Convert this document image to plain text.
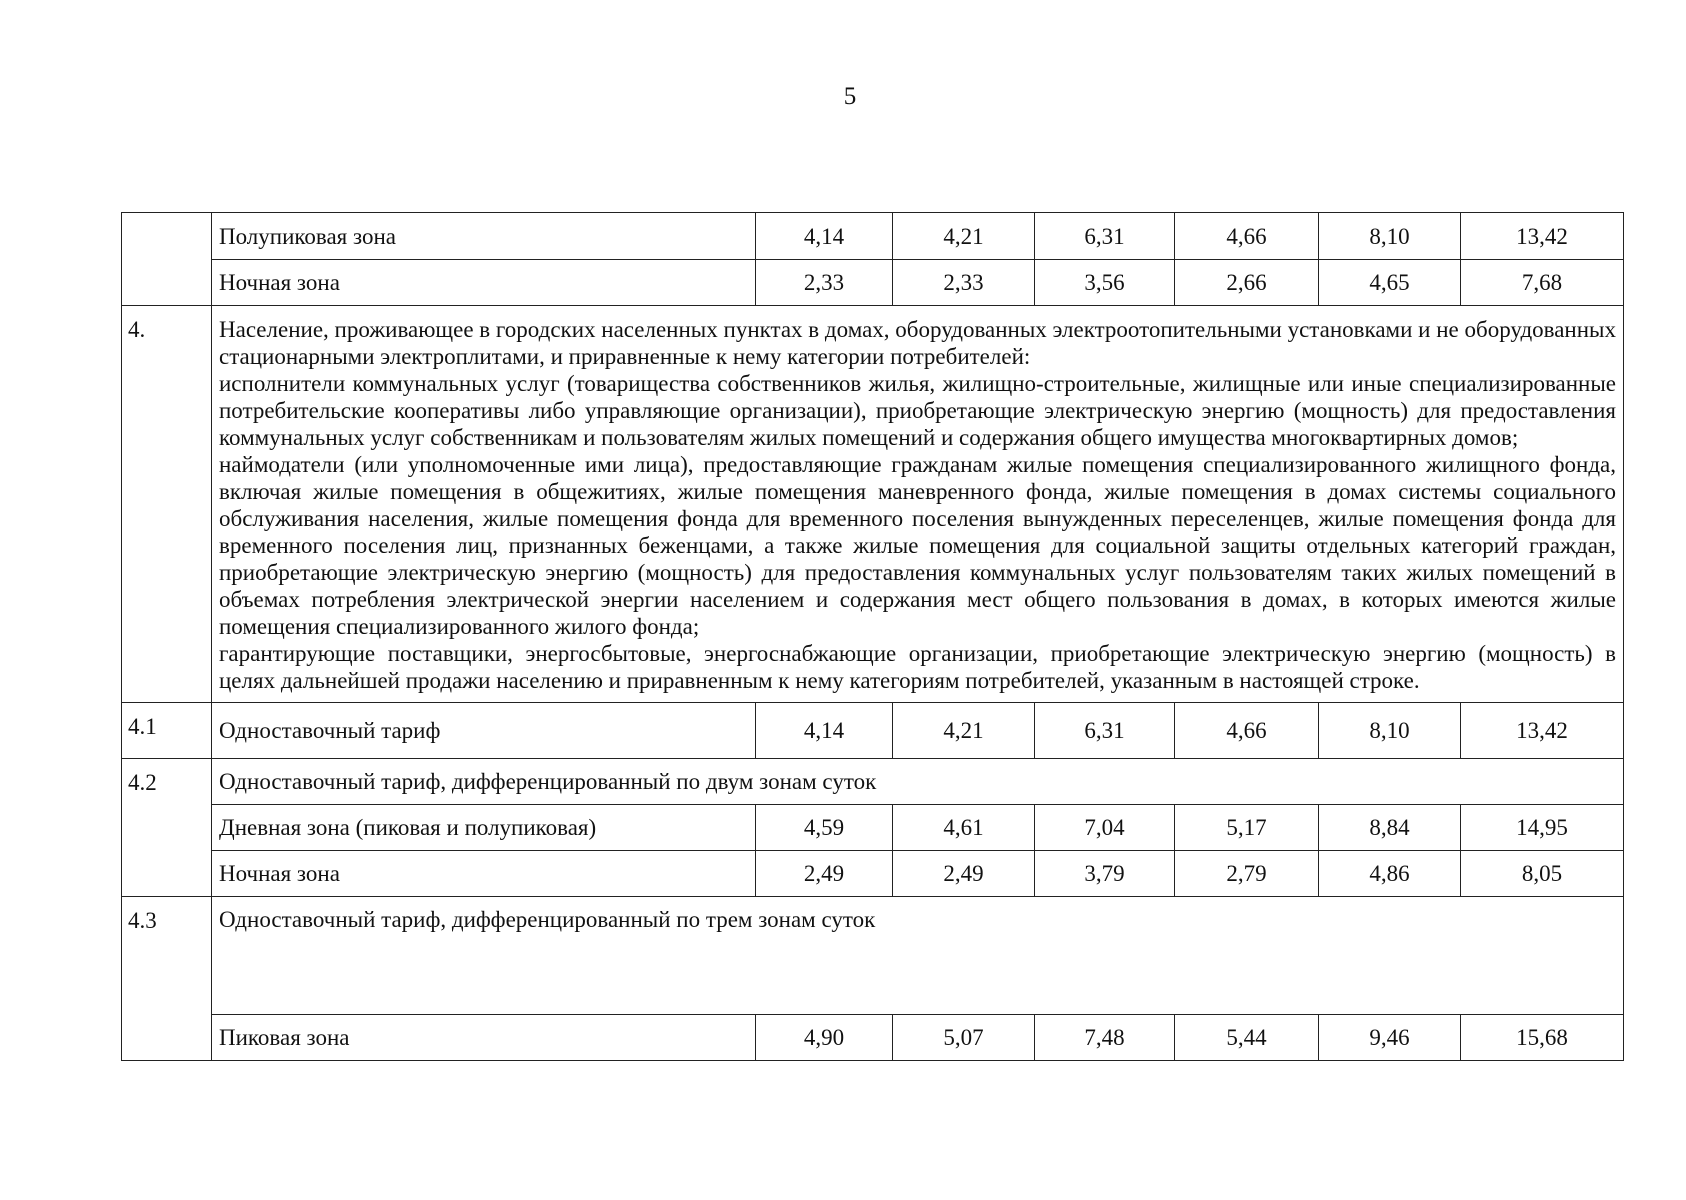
5
	Полупиковая зона	4,14	4,21	6,31	4,66	8,10	13,42
	Ночная зона	2,33	2,33	3,56	2,66	4,65	7,68
4.	Население, проживающее в городских населенных пунктах в домах, оборудованных электроотопительными установками и не оборудованных стационарными электроплитами, и приравненные к нему категории потребителей:

исполнители коммунальных услуг (товарищества собственников жилья, жилищно-строительные, жилищные или иные специализированные потребительские кооперативы либо управляющие организации), приобретающие электрическую энергию (мощность) для предоставления коммунальных услуг собственникам и пользователям жилых помещений и содержания общего имущества многоквартирных домов;

наймодатели (или уполномоченные ими лица), предоставляющие гражданам жилые помещения специализированного жилищного фонда, включая жилые помещения в общежитиях, жилые помещения маневренного фонда, жилые помещения в домах системы социального обслуживания населения, жилые помещения фонда для временного поселения вынужденных переселенцев, жилые помещения фонда для временного поселения лиц, признанных беженцами, а также жилые помещения для социальной защиты отдельных категорий граждан, приобретающие электрическую энергию (мощность) для предоставления коммунальных услуг пользователям таких жилых помещений в объемах потребления электрической энергии населением и содержания мест общего пользования в домах, в которых имеются жилые помещения специализированного жилого фонда;

гарантирующие поставщики, энергосбытовые, энергоснабжающие организации, приобретающие электрическую энергию (мощность) в целях дальнейшей продажи населению и приравненным к нему категориям потребителей, указанным в настоящей строке.						

4.1	Одноставочный тариф	4,14	4,21	6,31	4,66	8,10	13,42
4.2	Одноставочный тариф, дифференцированный по двум зонам суток						
	Дневная зона (пиковая и полупиковая)	4,59	4,61	7,04	5,17	8,84	14,95
	Ночная зона	2,49	2,49	3,79	2,79	4,86	8,05
4.3	Одноставочный тариф, дифференцированный по трем зонам суток						
	Пиковая зона	4,90	5,07	7,48	5,44	9,46	15,68
